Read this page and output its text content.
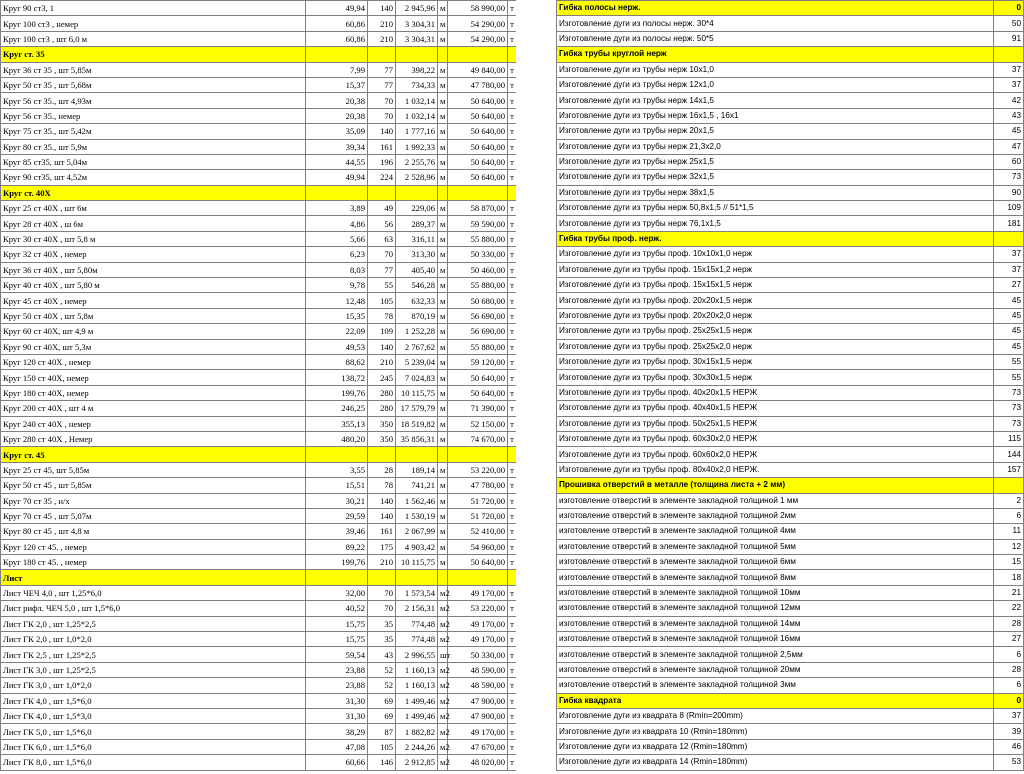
Круг 90 ст3, 1	49,94	140	2 945,96	м	58 990,00	т
Круг 100 ст3 , немер	60,86	210	3 304,31	м	54 290,00	т
Круг 100 ст3 , шт 6,0 м	60,86	210	3 304,31	м	54 290,00	т
Круг ст. 35						
Круг 36 ст 35 , шт 5,85м	7,99	77	398,22	м	49 840,00	т
Круг 50 ст 35 , шт 5,68м	15,37	77	734,33	м	47 780,00	т
Круг 56 ст 35., шт 4,93м	20,38	70	1 032,14	м	50 640,00	т
Круг 56 ст 35., немер	20,38	70	1 032,14	м	50 640,00	т
Круг 75 ст 35., шт 5,42м	35,09	140	1 777,16	м	50 640,00	т
Круг 80 ст 35., шт 5,9м	39,34	161	1 992,33	м	50 640,00	т
Круг 85 ст35, шт 5,04м	44,55	196	2 255,76	м	50 640,00	т
Круг 90 ст35, шт 4,52м	49,94	224	2 528,96	м	50 640,00	т
Круг ст. 40Х						
Круг 25 ст 40Х , шт 6м	3,89	49	229,06	м	58 870,00	т
Круг 28 ст 40Х , ш 6м	4,86	56	289,37	м	59 590,00	т
Круг 30 ст 40Х , шт 5,8 м	5,66	63	316,11	м	55 880,00	т
Круг 32 ст 40Х , немер	6,23	70	313,30	м	50 330,00	т
Круг 36 ст 40Х , шт 5,80м	8,03	77	405,40	м	50 460,00	т
Круг 40 ст 40Х , шт 5,80 м	9,78	55	546,28	м	55 880,00	т
Круг 45 ст 40Х , немер	12,48	105	632,33	м	50 680,00	т
Круг 50 ст 40Х , шт 5,8м	15,35	78	870,19	м	56 690,00	т
Круг 60 ст 40Х, шт 4,9 м	22,09	109	1 252,28	м	56 690,00	т
Круг 90 ст 40Х, шт 5,3м	49,53	140	2 767,62	м	55 880,00	т
Круг 120 ст 40Х , немер	88,62	210	5 239,04	м	59 120,00	т
Круг 150 ст 40Х, немер	138,72	245	7 024,83	м	50 640,00	т
Круг 180 ст 40Х, немер	199,76	280	10 115,75	м	50 640,00	т
Круг 200 ст 40Х , шт 4 м	246,25	280	17 579,79	м	71 390,00	т
Круг 240 ст 40Х , немер	355,13	350	18 519,82	м	52 150,00	т
Круг 280 ст 40Х , Немер	480,20	350	35 856,31	м	74 670,00	т
Круг ст. 45						
Круг 25 ст 45, шт 5,85м	3,55	28	189,14	м	53 220,00	т
Круг 50 ст 45 , шт 5,85м	15,51	78	741,21	м	47 780,00	т
Круг 70 ст 35 , н/х	30,21	140	1 562,46	м	51 720,00	т
Круг 70 ст 45 , шт 5,07м	29,59	140	1 530,19	м	51 720,00	т
Круг 80 ст 45 , шт 4,8 м	39,46	161	2 067,99	м	52 410,00	т
Круг 120 ст 45. , немер	89,22	175	4 903,42	м	54 960,00	т
Круг 180 ст 45. , немер	199,76	210	10 115,75	м	50 640,00	т
Лист						
Лист ЧЕЧ 4,0 , шт 1,25*6,0	32,00	70	1 573,54	м2	49 170,00	т
Лист рифл. ЧЕЧ 5,0 , шт 1,5*6,0	40,52	70	2 156,31	м2	53 220,00	т
Лист ГК 2,0 , шт 1,25*2,5	15,75	35	774,48	м2	49 170,00	т
Лист ГК 2,0 , шт 1,0*2,0	15,75	35	774,48	м2	49 170,00	т
Лист ГК 2,5 , шт 1,25*2,5	59,54	43	2 996,55	шт	50 330,00	т
Лист ГК 3,0 , шт 1,25*2,5	23,88	52	1 160,13	м2	48 590,00	т
Лист ГК 3,0 , шт 1,0*2,0	23,88	52	1 160,13	м2	48 590,00	т
Лист ГК 4,0 , шт 1,5*6,0	31,30	69	1 499,46	м2	47 900,00	т
Лист ГК 4,0 , шт 1,5*3,0	31,30	69	1 499,46	м2	47 900,00	т
Лист ГК 5,0 , шт 1,5*6,0	38,29	87	1 882,82	м2	49 170,00	т
Лист ГК 6,0 , шт 1,5*6,0	47,08	105	2 244,26	м2	47 670,00	т
Лист ГК 8,0 , шт 1,5*6,0	60,66	146	2 912,85	м2	48 020,00	т
Гибка полосы нерж.	0
Изготовление дуги из полосы нерж. 30*4	50
Изготовление дуги из полосы нерж. 50*5	91
Гибка трубы круглой нерж	
Изготовление дуги из трубы нерж 10х1,0	37
Изготовление дуги из трубы нерж 12х1,0	37
Изготовление дуги из трубы нерж 14х1,5	42
Изготовление дуги из трубы нерж 16х1,5 , 16х1	43
Изготовление дуги из трубы нерж 20х1,5	45
Изготовление дуги из трубы нерж 21,3х2,0	47
Изготовление дуги из трубы нерж 25х1,5	60
Изготовление дуги из трубы нерж 32х1,5	73
Изготовление дуги из трубы нерж 38х1,5	90
Изготовление дуги из трубы нерж 50,8х1,5 // 51*1,5	109
Изготовление дуги из трубы нерж 76,1х1,5	181
Гибка трубы проф. нерж.	
Изготовление дуги из трубы проф. 10х10х1,0 нерж	37
Изготовление дуги из трубы проф. 15х15х1,2 нерж	37
Изготовление дуги из трубы проф. 15х15х1,5 нерж	27
Изготовление дуги из трубы проф. 20х20х1,5 нерж	45
Изготовление дуги из трубы проф. 20х20х2,0 нерж	45
Изготовление дуги из трубы проф. 25х25х1,5 нерж	45
Изготовление дуги из трубы проф. 25х25х2,0 нерж	45
Изготовление дуги из трубы проф. 30х15х1,5 нерж	55
Изготовление дуги из трубы проф. 30х30х1,5 нерж	55
Изготовление дуги из трубы проф. 40х20х1,5 НЕРЖ	73
Изготовление дуги из трубы проф. 40х40х1,5 НЕРЖ	73
Изготовление дуги из трубы проф. 50х25х1,5 НЕРЖ	73
Изготовление дуги из трубы проф. 60х30х2,0 НЕРЖ	115
Изготовление дуги из трубы проф. 60х60х2,0 НЕРЖ	144
Изготовление дуги из трубы проф. 80х40х2,0 НЕРЖ.	157
Прошивка отверстий в металле (толщина листа + 2 мм)	
изготовление отверстий в элементе закладной толщиной 1 мм	2
изготовление отверстий в элементе закладной толщиной 2мм	6
изготовление отверстий в элементе закладной толщиной 4мм	11
изготовление отверстий в элементе закладной толщиной 5мм	12
изготовление отверстий в элементе закладной толщиной 6мм	15
изготовление отверстий в элементе закладной толщиной 8мм	18
изготовление отверстий в элементе закладной толщиной 10мм	21
изготовление отверстий в элементе закладной толщиной 12мм	22
изготовление отверстий в элементе закладной толщиной 14мм	28
изготовление отверстий в элементе закладной толщиной 16мм	27
изготовление отверстий в элементе закладной толщиной 2,5мм	6
изготовление отверстий в элементе закладной толщиной 20мм	28
изготовление отверстий в элементе закладной толщиной 3мм	6
Гибка квадрата	0
Изготовление дуги из квадрата 8 (Rmin=200mm)	37
Изготовление дуги из квадрата 10 (Rmin=180mm)	39
Изготовление дуги из квадрата 12 (Rmin=180mm)	46
Изготовление дуги из квадрата 14 (Rmin=180mm)	53
